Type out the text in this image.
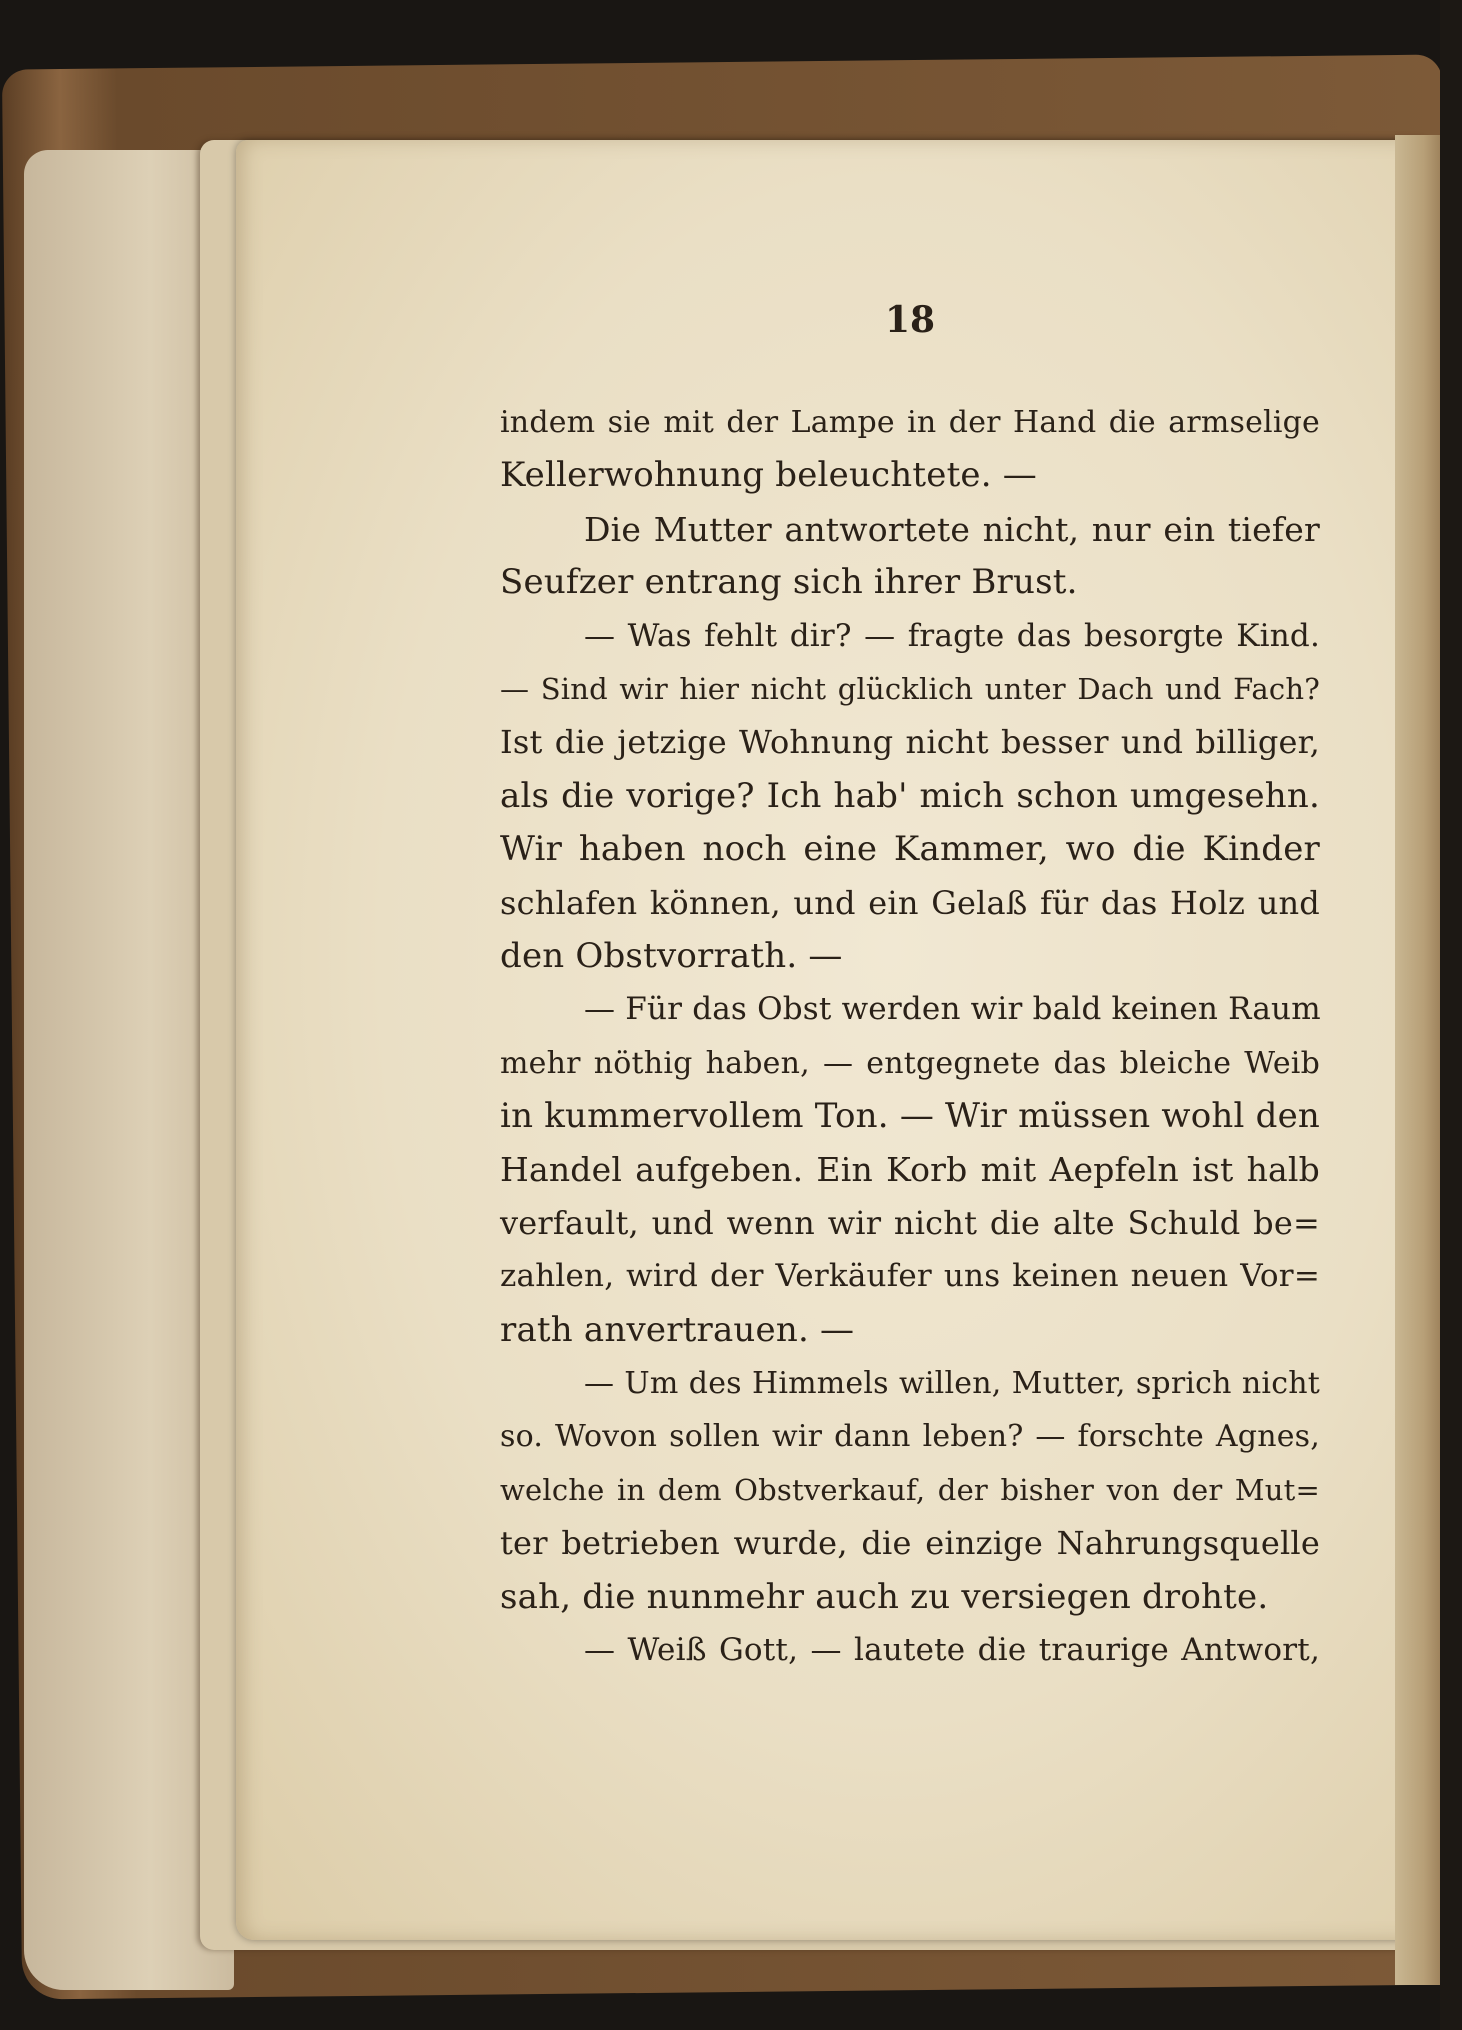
18
indem sie mit der Lampe in der Hand die armselige
Kellerwohnung beleuchtete. —
Die Mutter antwortete nicht, nur ein tiefer
Seufzer entrang sich ihrer Brust.
— Was fehlt dir? — fragte das besorgte Kind.
— Sind wir hier nicht glücklich unter Dach und Fach?
Ist die jetzige Wohnung nicht besser und billiger,
als die vorige? Ich hab' mich schon umgesehn.
Wir haben noch eine Kammer, wo die Kinder
schlafen können, und ein Gelaß für das Holz und
den Obstvorrath. —
— Für das Obst werden wir bald keinen Raum
mehr nöthig haben, — entgegnete das bleiche Weib
in kummervollem Ton. — Wir müssen wohl den
Handel aufgeben. Ein Korb mit Aepfeln ist halb
verfault, und wenn wir nicht die alte Schuld be=
zahlen, wird der Verkäufer uns keinen neuen Vor=
rath anvertrauen. —
— Um des Himmels willen, Mutter, sprich nicht
so. Wovon sollen wir dann leben? — forschte Agnes,
welche in dem Obstverkauf, der bisher von der Mut=
ter betrieben wurde, die einzige Nahrungsquelle
sah, die nunmehr auch zu versiegen drohte.
— Weiß Gott, — lautete die traurige Antwort,
